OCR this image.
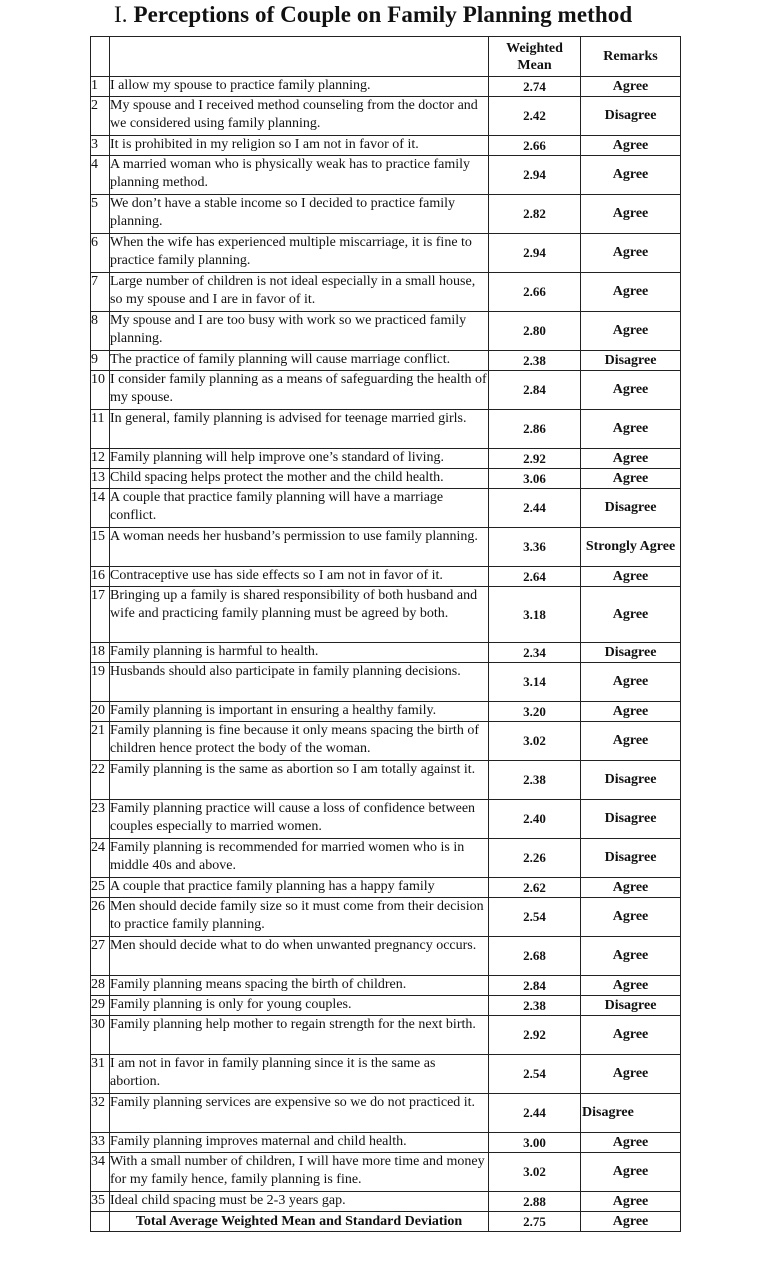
I. Perceptions of Couple on Family Planning method
		Weighted Mean	Remarks
1	I allow my spouse to practice family planning.	2.74	Agree
2	My spouse and I received method counseling from the doctor and we considered using family planning.	2.42	Disagree
3	It is prohibited in my religion so I am not in favor of it.	2.66	Agree
4	A married woman who is physically weak has to practice family planning method.	2.94	Agree
5	We don’t have a stable income so I decided to practice family planning.	2.82	Agree
6	When the wife has experienced multiple miscarriage, it is fine to practice family planning.	2.94	Agree
7	Large number of children is not ideal especially in a small house, so my spouse and I are in favor of it.	2.66	Agree
8	My spouse and I are too busy with work so we practiced family planning.	2.80	Agree
9	The practice of family planning will cause marriage conflict.	2.38	Disagree
10	I consider family planning as a means of safeguarding the health of my spouse.	2.84	Agree
11	In general, family planning is advised for teenage married girls.	2.86	Agree
12	Family planning will help improve one’s standard of living.	2.92	Agree
13	Child spacing helps protect the mother and the child health.	3.06	Agree
14	A couple that practice family planning will have a marriage conflict.	2.44	Disagree
15	A woman needs her husband’s permission to use family planning.	3.36	Strongly Agree
16	Contraceptive use has side effects so I am not in favor of it.	2.64	Agree
17	Bringing up a family is shared responsibility of both husband and wife and practicing family planning must be agreed by both.	3.18	Agree
18	Family planning is harmful to health.	2.34	Disagree
19	Husbands should also participate in family planning decisions.	3.14	Agree
20	Family planning is important in ensuring a healthy family.	3.20	Agree
21	Family planning is fine because it only means spacing the birth of children hence protect the body of the woman.	3.02	Agree
22	Family planning is the same as abortion so I am totally against it.	2.38	Disagree
23	Family planning practice will cause a loss of confidence between couples especially to married women.	2.40	Disagree
24	Family planning is recommended for married women who is in middle 40s and above.	2.26	Disagree
25	A couple that practice family planning has a happy family	2.62	Agree
26	Men should decide family size so it must come from their decision to practice family planning.	2.54	Agree
27	Men should decide what to do when unwanted pregnancy occurs.	2.68	Agree
28	Family planning means spacing the birth of children.	2.84	Agree
29	Family planning is only for young couples.	2.38	Disagree
30	Family planning help mother to regain strength for the next birth.	2.92	Agree
31	I am not in favor in family planning since it is the same as abortion.	2.54	Agree
32	Family planning services are expensive so we do not practiced it.	2.44	Disagree
33	Family planning improves maternal and child health.	3.00	Agree
34	With a small number of children, I will have more time and money for my family hence, family planning is fine.	3.02	Agree
35	Ideal child spacing must be 2-3 years gap.	2.88	Agree
	Total Average Weighted Mean and Standard Deviation	2.75	Agree
